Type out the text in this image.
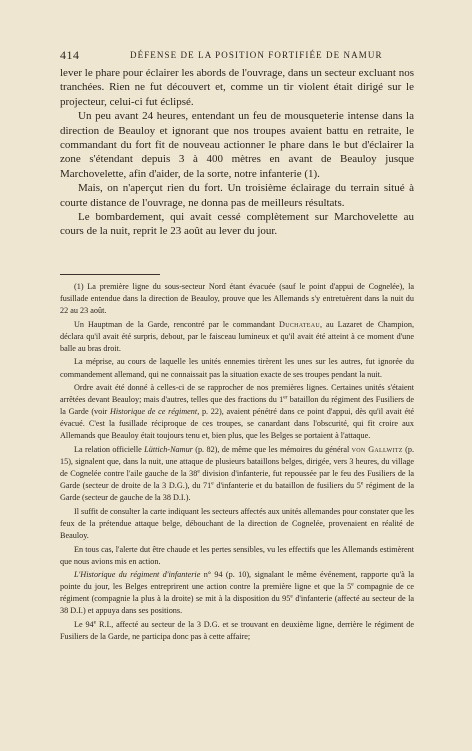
414	DÉFENSE DE LA POSITION FORTIFIÉE DE NAMUR

lever le phare pour éclairer les abords de l'ouvrage, dans un secteur excluant nos tranchées. Rien ne fut découvert et, comme un tir violent était dirigé sur le projecteur, celui-ci fut éclipsé.

Un peu avant 24 heures, entendant un feu de mousqueterie intense dans la direction de Beauloy et ignorant que nos troupes avaient battu en retraite, le commandant du fort fit de nouveau actionner le phare dans le but d'éclairer la zone s'étendant depuis 3 à 400 mètres en avant de Beauloy jusque Marchovelette, afin d'aider, de la sorte, notre infanterie (1).

Mais, on n'aperçut rien du fort. Un troisième éclairage du terrain situé à courte distance de l'ouvrage, ne donna pas de meilleurs résultats.

Le bombardement, qui avait cessé complètement sur Marchovelette au cours de la nuit, reprit le 23 août au lever du jour.

(1) La première ligne du sous-secteur Nord étant évacuée (sauf le point d'appui de Cognelée), la fusillade entendue dans la direction de Beauloy, prouve que les Allemands s'y entretuèrent dans la nuit du 22 au 23 août.

Un Hauptman de la Garde, rencontré par le commandant Duchateau, au Lazaret de Champion, déclara qu'il avait été surpris, debout, par le faisceau lumineux et qu'il avait été atteint à ce moment d'une balle au bras droit.

La méprise, au cours de laquelle les unités ennemies tirèrent les unes sur les autres, fut ignorée du commandement allemand, qui ne connaissait pas la situation exacte de ses troupes pendant la nuit.

Ordre avait été donné à celles-ci de se rapprocher de nos premières lignes. Certaines unités s'étaient arrêtées devant Beauloy; mais d'autres, telles que des fractions du 1er bataillon du régiment des Fusiliers de la Garde (voir Historique de ce régiment, p. 22), avaient pénétré dans ce point d'appui, dès qu'il avait été évacué. C'est la fusillade réciproque de ces troupes, se canardant dans l'obscurité, qui fit croire aux Allemands que Beauloy était toujours tenu et, bien plus, que les Belges se portaient à l'attaque.

La relation officielle Lüttich-Namur (p. 82), de même que les mémoires du général von Gallwitz (p. 15), signalent que, dans la nuit, une attaque de plusieurs bataillons belges, dirigée, vers 3 heures, du village de Cognelée contre l'aile gauche de la 38e division d'infanterie, fut repoussée par le feu des Fusiliers de la Garde (secteur de droite de la 3 D.G.), du 71e d'infanterie et du bataillon de fusiliers du 5e régiment de la Garde (secteur de gauche de la 38 D.I.).

Il suffit de consulter la carte indiquant les secteurs affectés aux unités allemandes pour constater que les feux de la prétendue attaque belge, débouchant de la direction de Cognelée, provenaient en réalité de Beauloy.

En tous cas, l'alerte dut être chaude et les pertes sensibles, vu les effectifs que les Allemands estimèrent que nous avions mis en action.

L'Historique du régiment d'infanterie n° 94 (p. 10), signalant le même événement, rapporte qu'à la pointe du jour, les Belges entreprirent une action contre la première ligne et que la 5e compagnie de ce régiment (compagnie la plus à la droite) se mit à la disposition du 95e d'infanterie (affecté au secteur de la 38 D.I.) et appuya dans ses positions.

Le 94e R.I., affecté au secteur de la 3 D.G. et se trouvant en deuxième ligne, derrière le régiment de Fusiliers de la Garde, ne participa donc pas à cette affaire;
